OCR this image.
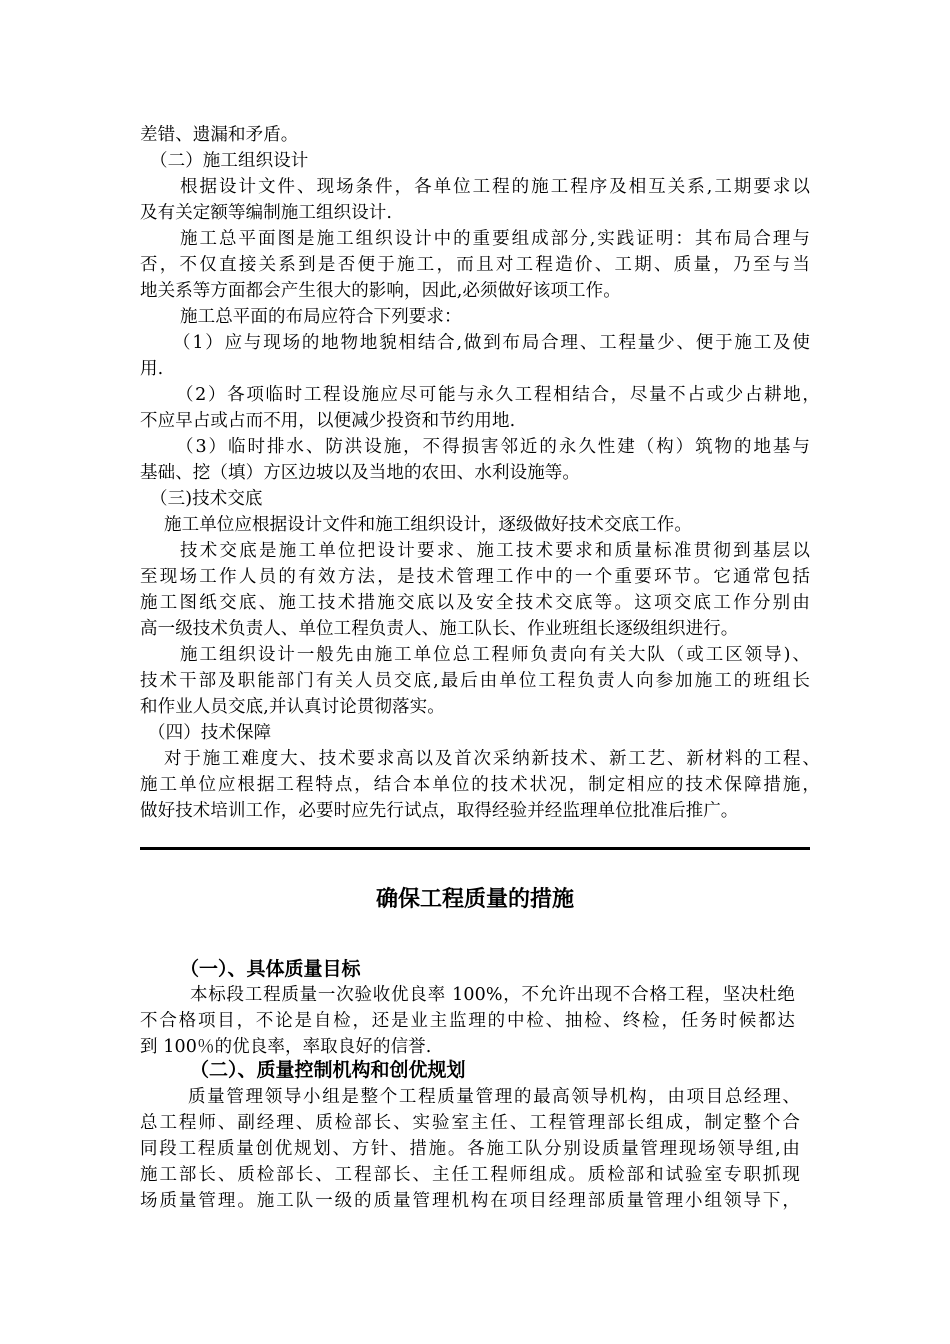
差错、遗漏和矛盾。
（二）施工组织设计
根据设计文件、现场条件，各单位工程的施工程序及相互关系,工期要求以
及有关定额等编制施工组织设计.
施工总平面图是施工组织设计中的重要组成部分,实践证明：其布局合理与
否，不仅直接关系到是否便于施工，而且对工程造价、工期、质量，乃至与当
地关系等方面都会产生很大的影响，因此,必须做好该项工作。
施工总平面的布局应符合下列要求：
（1）应与现场的地物地貌相结合,做到布局合理、工程量少、便于施工及使
用.
（2）各项临时工程设施应尽可能与永久工程相结合，尽量不占或少占耕地，
不应早占或占而不用，以便减少投资和节约用地.
（3）临时排水、防洪设施，不得损害邻近的永久性建（构）筑物的地基与
基础、挖（填）方区边坡以及当地的农田、水利设施等。
（三)技术交底
施工单位应根据设计文件和施工组织设计，逐级做好技术交底工作。
技术交底是施工单位把设计要求、施工技术要求和质量标准贯彻到基层以
至现场工作人员的有效方法，是技术管理工作中的一个重要环节。它通常包括
施工图纸交底、施工技术措施交底以及安全技术交底等。这项交底工作分别由
高一级技术负责人、单位工程负责人、施工队长、作业班组长逐级组织进行。
施工组织设计一般先由施工单位总工程师负责向有关大队（或工区领导)、
技术干部及职能部门有关人员交底,最后由单位工程负责人向参加施工的班组长
和作业人员交底,并认真讨论贯彻落实。
（四）技术保障
对于施工难度大、技术要求高以及首次采纳新技术、新工艺、新材料的工程、
施工单位应根据工程特点，结合本单位的技术状况，制定相应的技术保障措施，
做好技术培训工作，必要时应先行试点，取得经验并经监理单位批准后推广。
确保工程质量的措施
（一）、具体质量目标
本标段工程质量一次验收优良率 100%，不允许出现不合格工程，坚决杜绝
不合格项目，不论是自检，还是业主监理的中检、抽检、终检，任务时候都达
到 100％的优良率，率取良好的信誉.
（二）、质量控制机构和创优规划
质量管理领导小组是整个工程质量管理的最高领导机构，由项目总经理、
总工程师、副经理、质检部长、实验室主任、工程管理部长组成，制定整个合
同段工程质量创优规划、方针、措施。各施工队分别设质量管理现场领导组,由
施工部长、质检部长、工程部长、主任工程师组成。质检部和试验室专职抓现
场质量管理。施工队一级的质量管理机构在项目经理部质量管理小组领导下，
